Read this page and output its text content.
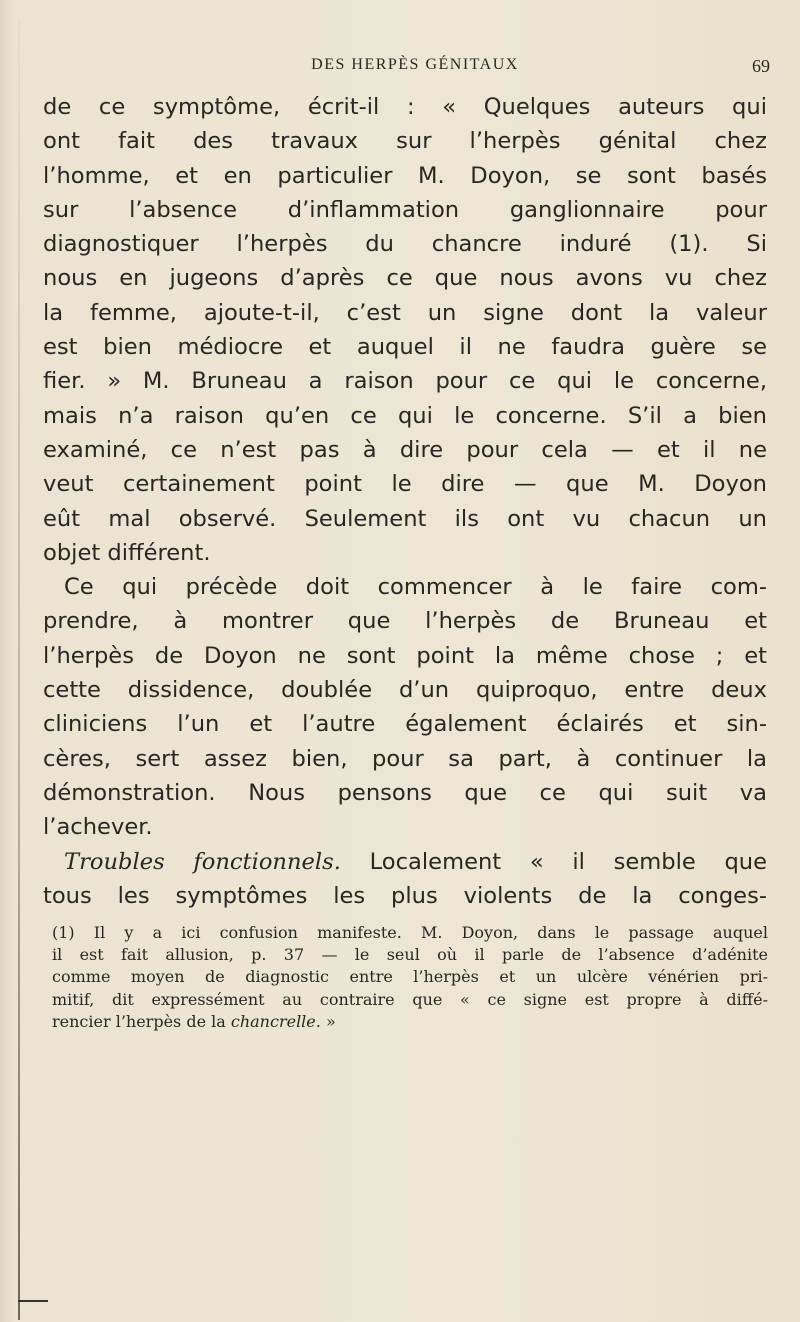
DES HERPÈS GÉNITAUX	69
de ce symptôme, écrit-il : « Quelques auteurs qui
ont fait des travaux sur l’herpès génital chez
l’homme, et en particulier M. Doyon, se sont basés
sur l’absence d’inflammation ganglionnaire pour
diagnostiquer l’herpès du chancre induré (1). Si
nous en jugeons d’après ce que nous avons vu chez
la femme, ajoute-t-il, c’est un signe dont la valeur
est bien médiocre et auquel il ne faudra guère se
fier. » M. Bruneau a raison pour ce qui le concerne,
mais n’a raison qu’en ce qui le concerne. S’il a bien
examiné, ce n’est pas à dire pour cela — et il ne
veut certainement point le dire — que M. Doyon
eût mal observé. Seulement ils ont vu chacun un
objet différent.
Ce qui précède doit commencer à le faire com-
prendre, à montrer que l’herpès de Bruneau et
l’herpès de Doyon ne sont point la même chose ; et
cette dissidence, doublée d’un quiproquo, entre deux
cliniciens l’un et l’autre également éclairés et sin-
cères, sert assez bien, pour sa part, à continuer la
démonstration. Nous pensons que ce qui suit va
l’achever.
Troubles fonctionnels. Localement « il semble que
tous les symptômes les plus violents de la conges-
(1) Il y a ici confusion manifeste. M. Doyon, dans le passage auquel
il est fait allusion, p. 37 — le seul où il parle de l’absence d’adénite
comme moyen de diagnostic entre l’herpès et un ulcère vénérien pri-
mitif, dit expressément au contraire que « ce signe est propre à diffé-
rencier l’herpès de la chancrelle. »
